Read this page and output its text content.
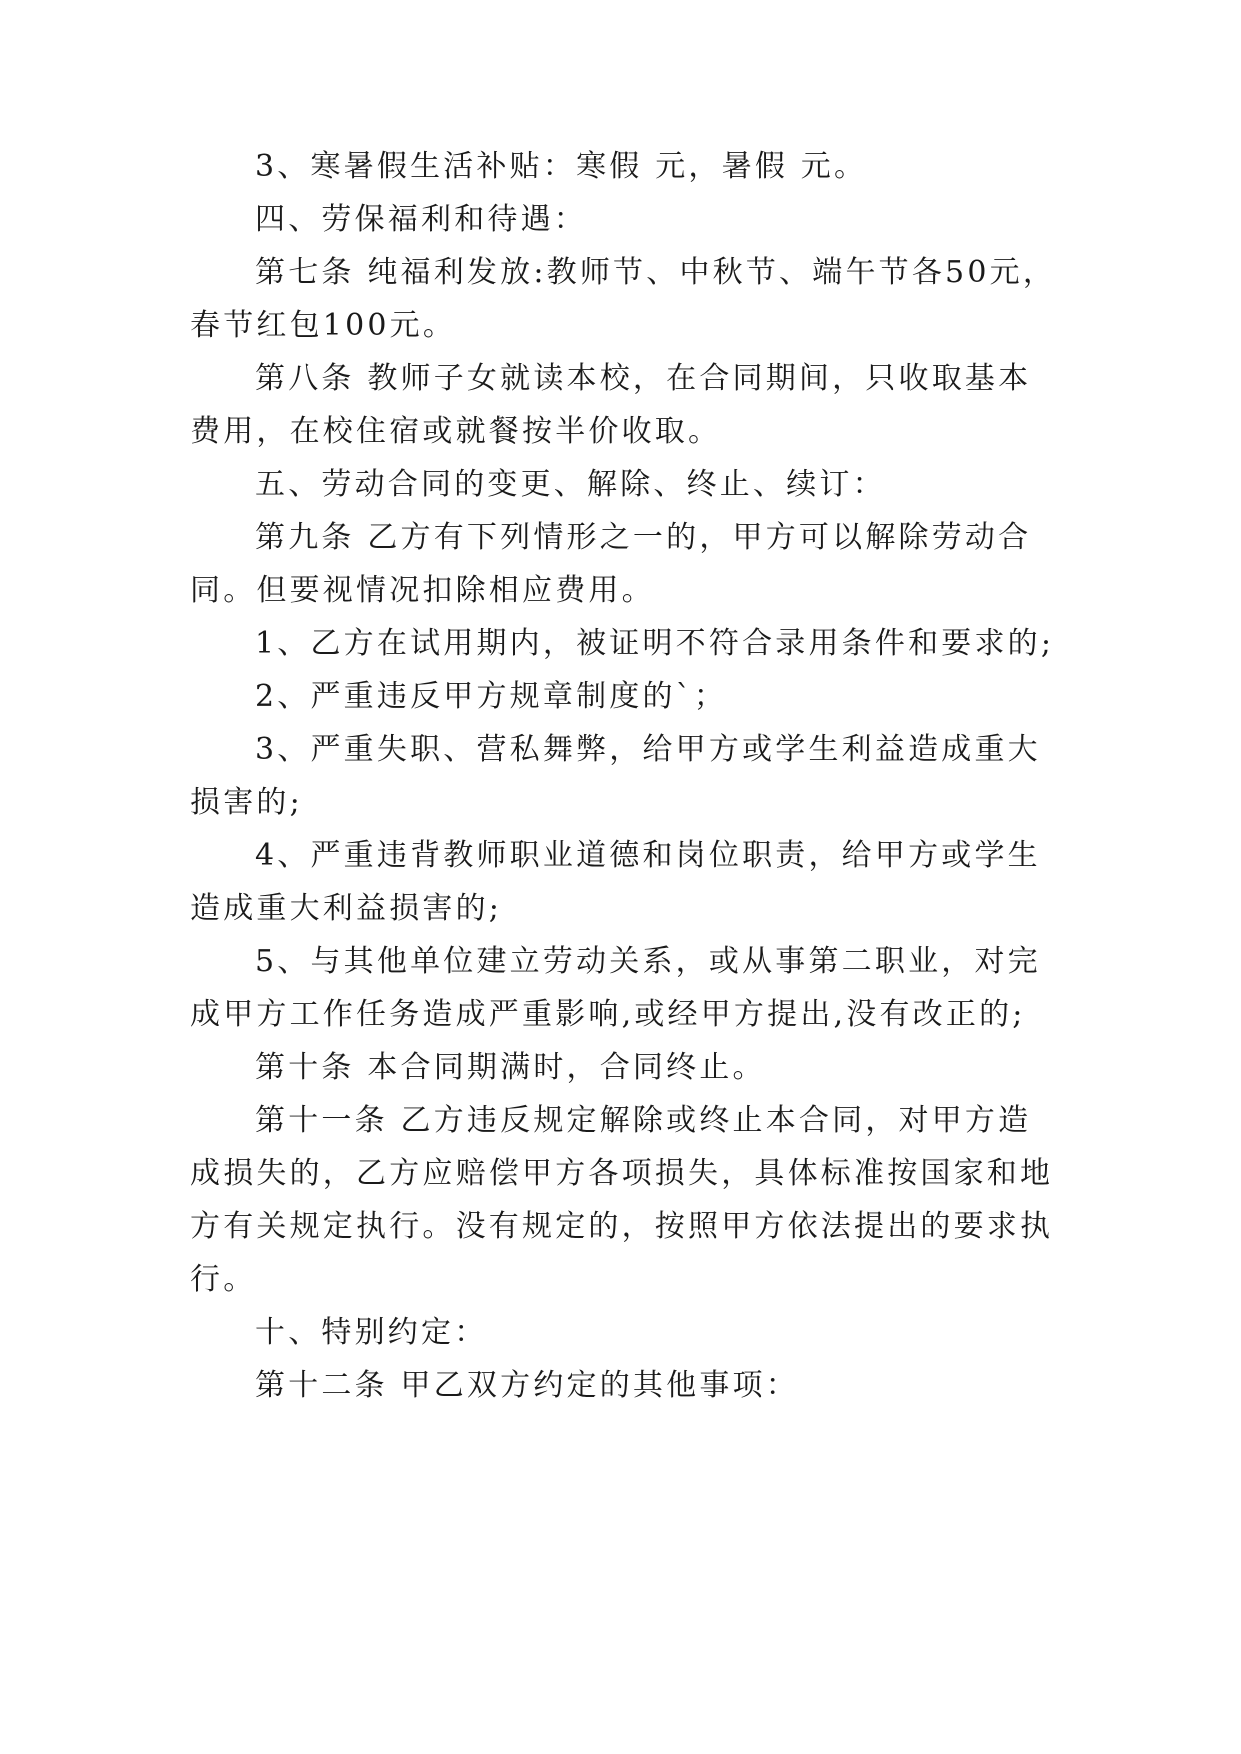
3、寒暑假生活补贴：寒假 元，暑假 元。
四、劳保福利和待遇：
第七条 纯福利发放:教师节、中秋节、端午节各50元，
春节红包100元。
第八条 教师子女就读本校，在合同期间，只收取基本
费用，在校住宿或就餐按半价收取。
五、劳动合同的变更、解除、终止、续订：
第九条 乙方有下列情形之一的，甲方可以解除劳动合
同。但要视情况扣除相应费用。
1、乙方在试用期内，被证明不符合录用条件和要求的;
2、严重违反甲方规章制度的`；
3、严重失职、营私舞弊，给甲方或学生利益造成重大
损害的;
4、严重违背教师职业道德和岗位职责，给甲方或学生
造成重大利益损害的;
5、与其他单位建立劳动关系，或从事第二职业，对完
成甲方工作任务造成严重影响,或经甲方提出,没有改正的;
第十条 本合同期满时，合同终止。
第十一条 乙方违反规定解除或终止本合同，对甲方造
成损失的，乙方应赔偿甲方各项损失，具体标准按国家和地
方有关规定执行。没有规定的，按照甲方依法提出的要求执
行。
十、特别约定：
第十二条 甲乙双方约定的其他事项：
